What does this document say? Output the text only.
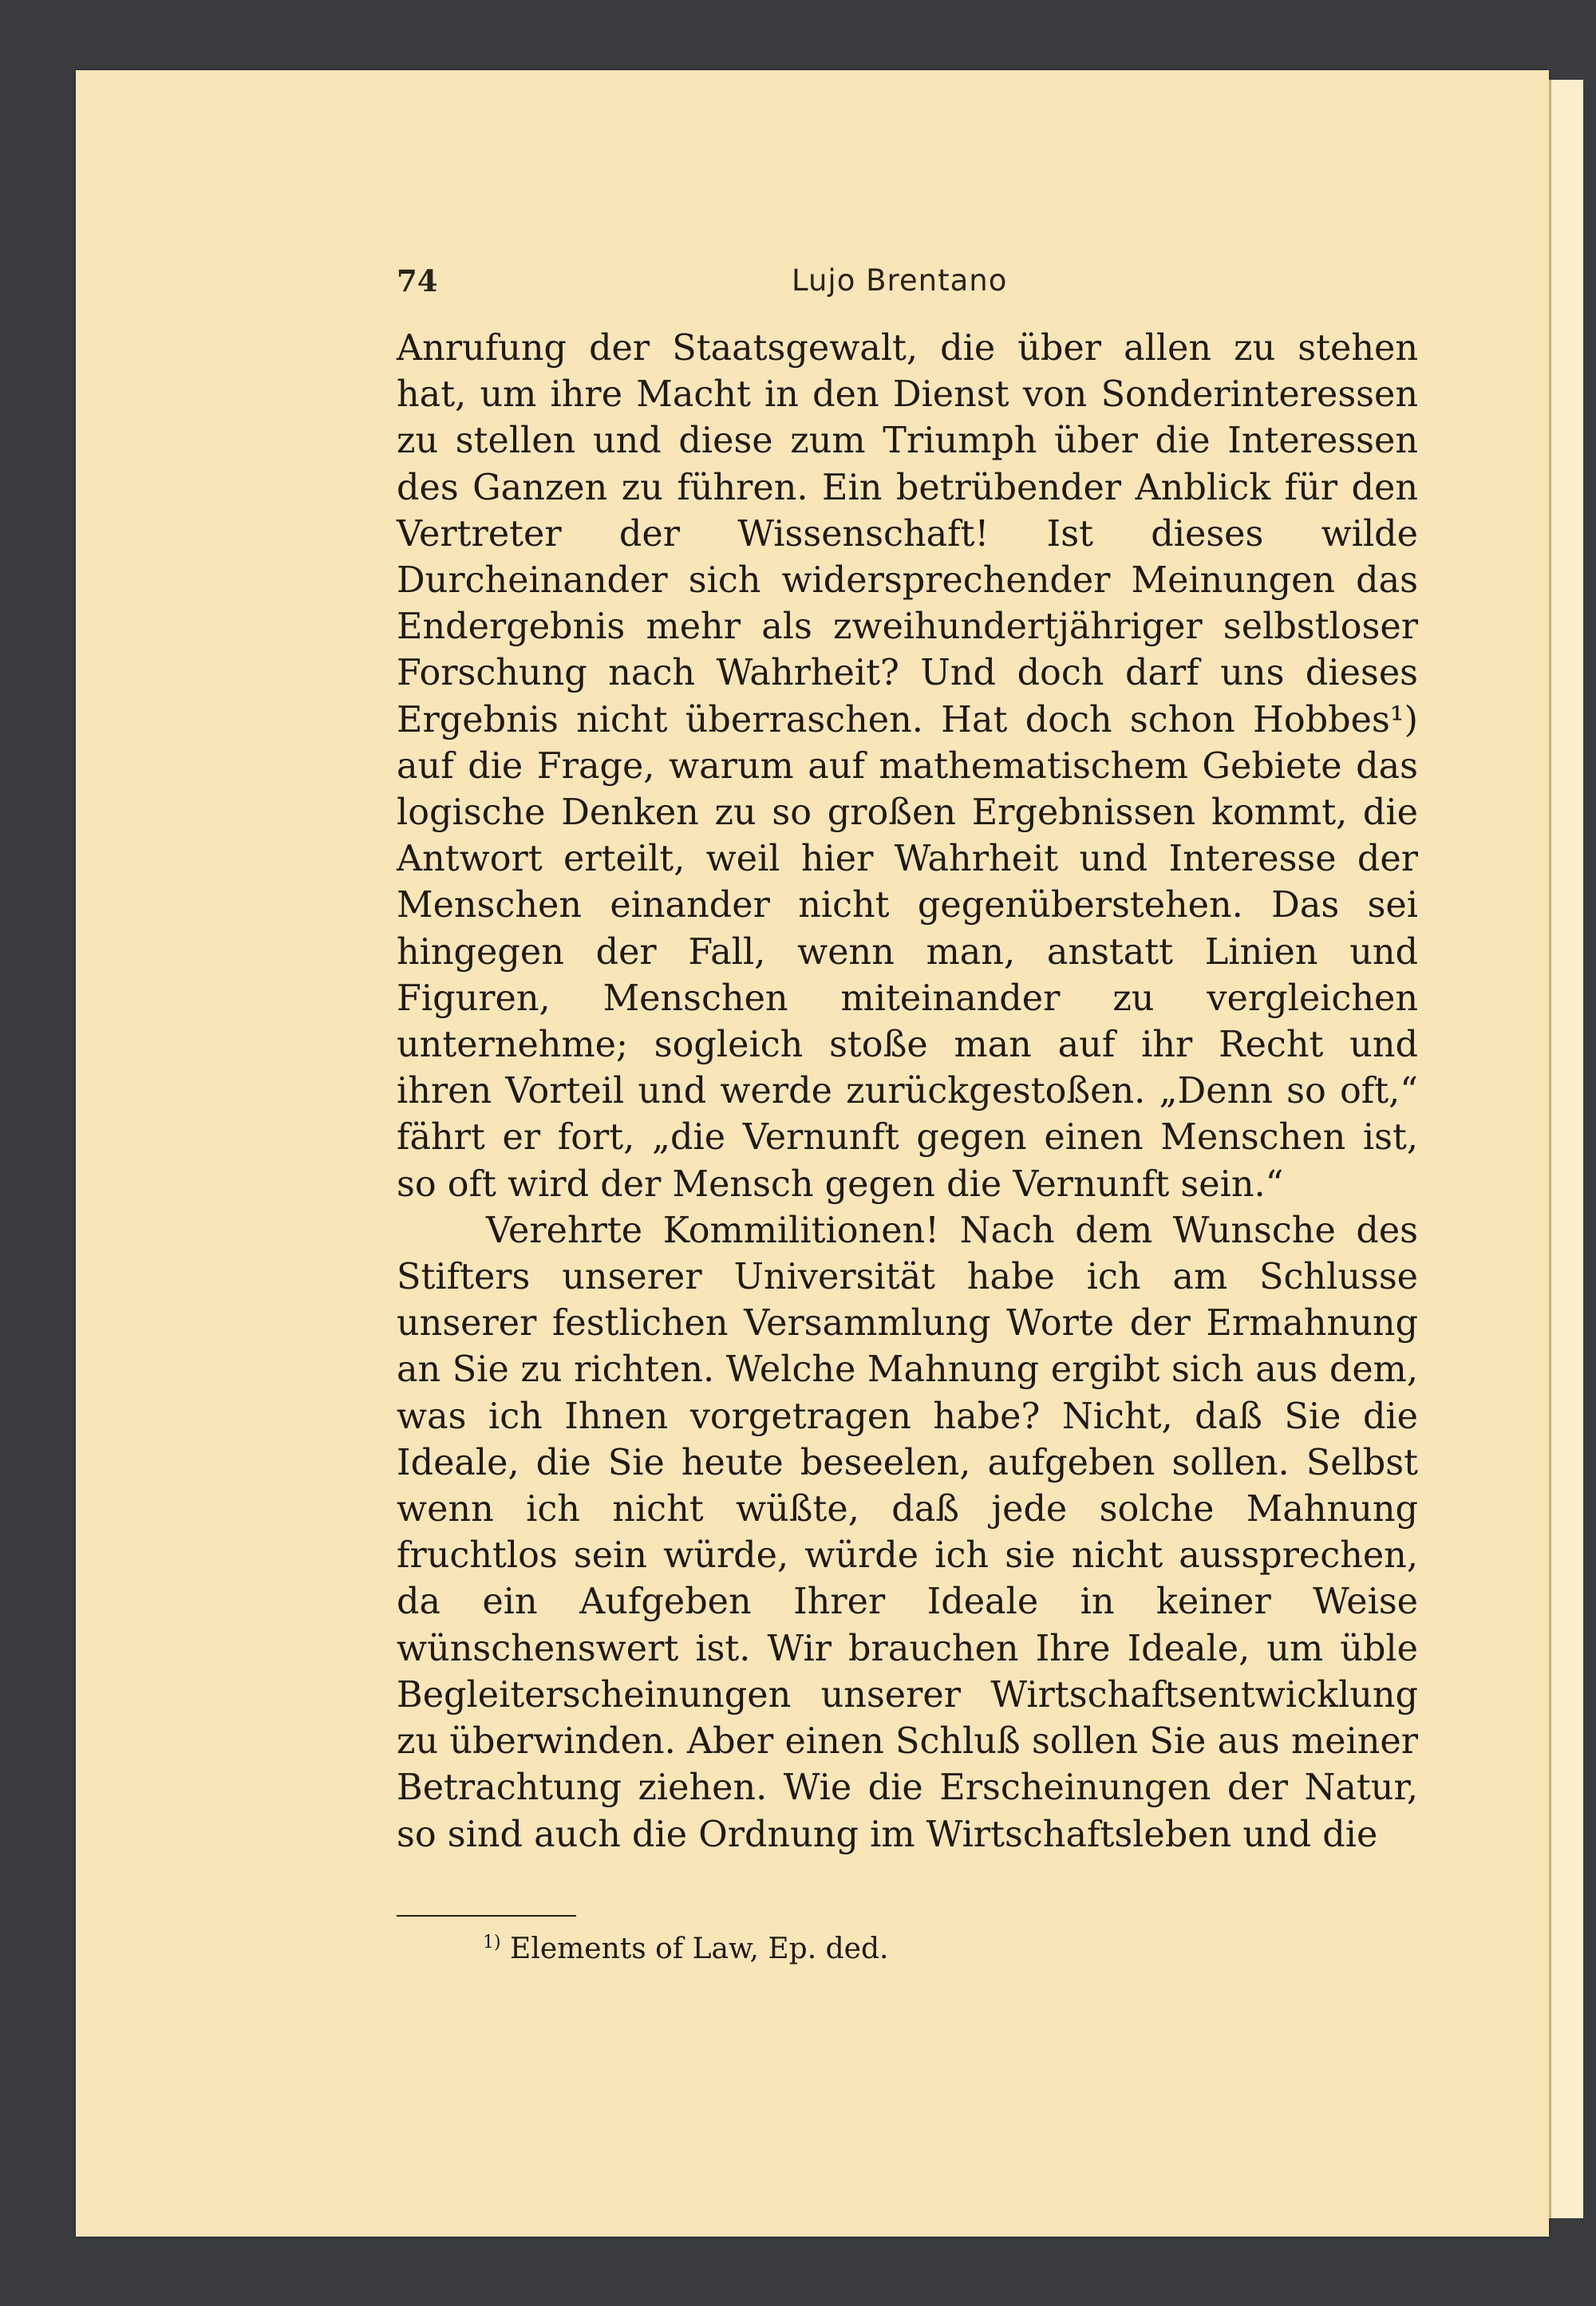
74	Lujo Brentano

Anrufung der Staatsgewalt, die über allen zu stehen hat, um ihre Macht in den Dienst von Sonderinteressen zu stellen und diese zum Triumph über die Interessen des Ganzen zu führen. Ein betrübender Anblick für den Vertreter der Wissenschaft! Ist dieses wilde Durcheinander sich widersprechender Meinungen das Endergebnis mehr als zweihundertjähriger selbstloser Forschung nach Wahrheit? Und doch darf uns dieses Ergebnis nicht überraschen. Hat doch schon Hobbes¹) auf die Frage, warum auf mathematischem Gebiete das logische Denken zu so großen Ergebnissen kommt, die Antwort erteilt, weil hier Wahrheit und Interesse der Menschen einander nicht gegenüberstehen. Das sei hingegen der Fall, wenn man, anstatt Linien und Figuren, Menschen miteinander zu vergleichen unternehme; sogleich stoße man auf ihr Recht und ihren Vorteil und werde zurückgestoßen. „Denn so oft,“ fährt er fort, „die Vernunft gegen einen Menschen ist, so oft wird der Mensch gegen die Vernunft sein.“

Verehrte Kommilitionen! Nach dem Wunsche des Stifters unserer Universität habe ich am Schlusse unserer festlichen Versammlung Worte der Ermahnung an Sie zu richten. Welche Mahnung ergibt sich aus dem, was ich Ihnen vorgetragen habe? Nicht, daß Sie die Ideale, die Sie heute beseelen, aufgeben sollen. Selbst wenn ich nicht wüßte, daß jede solche Mahnung fruchtlos sein würde, würde ich sie nicht aussprechen, da ein Aufgeben Ihrer Ideale in keiner Weise wünschenswert ist. Wir brauchen Ihre Ideale, um üble Begleiterscheinungen unserer Wirtschaftsentwicklung zu überwinden. Aber einen Schluß sollen Sie aus meiner Betrachtung ziehen. Wie die Erscheinungen der Natur, so sind auch die Ordnung im Wirtschaftsleben und die

$^{1)}$ Elements of Law, Ep. ded.
